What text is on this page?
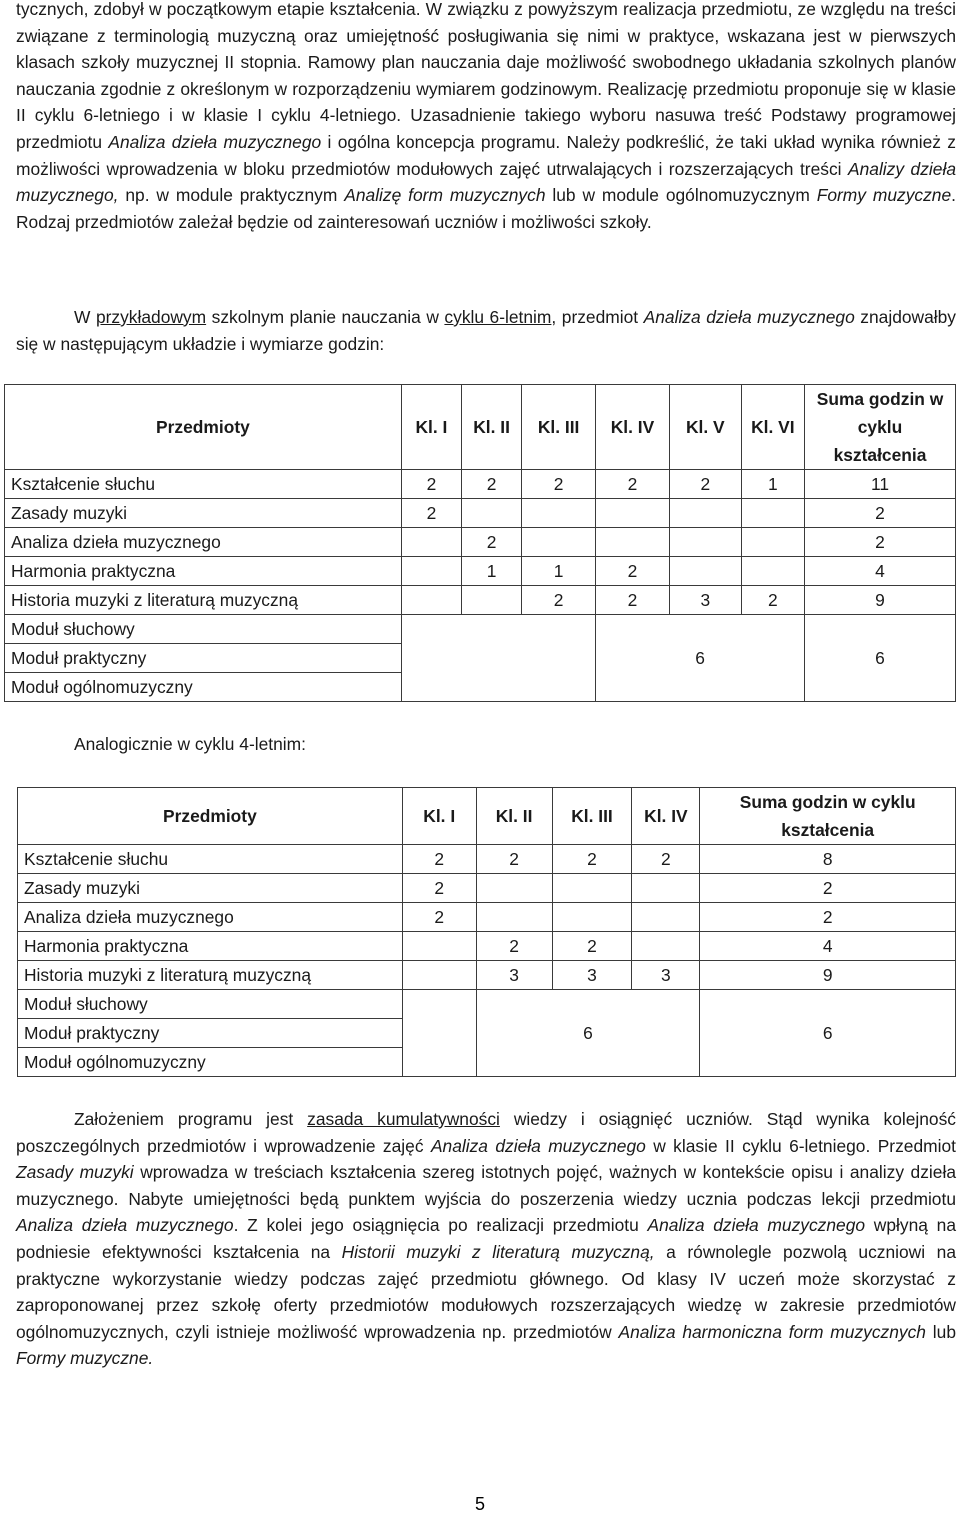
tycznych, zdobył w początkowym etapie kształcenia. W związku z powyższym realizacja przedmiotu, ze względu na treści związane z terminologią muzyczną oraz umiejętność posługiwania się nimi w praktyce, wskazana jest w pierwszych klasach szkoły muzycznej II stopnia. Ramowy plan nauczania daje możliwość swobodnego układania szkolnych planów nauczania zgodnie z określonym w rozporządzeniu wymiarem godzinowym. Realizację przedmiotu proponuje się w klasie II cyklu 6-letniego i w klasie I cyklu 4-letniego. Uzasadnienie takiego wyboru nasuwa treść Podstawy programowej przedmiotu Analiza dzieła muzycznego i ogólna koncepcja programu. Należy podkreślić, że taki układ wynika również z możliwości wprowadzenia w bloku przedmiotów modułowych zajęć utrwalających i rozszerzających treści Analizy dzieła muzycznego, np. w module praktycznym Analizę form muzycznych lub w module ogólnomuzycznym Formy muzyczne. Rodzaj przedmiotów zależał będzie od zainteresowań uczniów i możliwości szkoły.

W przykładowym szkolnym planie nauczania w cyklu 6-letnim, przedmiot Analiza dzieła muzycznego znajdowałby się w następującym układzie i wymiarze godzin:

Przedmioty	Kl. I	Kl. II	Kl. III	Kl. IV	Kl. V	Kl. VI	Suma godzin w cyklu kształcenia
Kształcenie słuchu	2	2	2	2	2	1	11
Zasady muzyki	2						2
Analiza dzieła muzycznego		2					2
Harmonia praktyczna		1	1	2			4
Historia muzyki z literaturą muzyczną			2	2	3	2	9
Moduł słuchowy				6			6
Moduł praktyczny							
Moduł ogólnomuzyczny							
Analogicznie w cyklu 4-letnim:
Przedmioty	Kl. I	Kl. II	Kl. III	Kl. IV	Suma godzin w cyklu kształcenia
Kształcenie słuchu	2	2	2	2	8
Zasady muzyki	2				2
Analiza dzieła muzycznego	2				2
Harmonia praktyczna		2	2		4
Historia muzyki z literaturą muzyczną		3	3	3	9
Moduł słuchowy		6			6
Moduł praktyczny					
Moduł ogólnomuzyczny					

Założeniem programu jest zasada kumulatywności wiedzy i osiągnięć uczniów. Stąd wynika kolejność poszczególnych przedmiotów i wprowadzenie zajęć Analiza dzieła muzycznego w klasie II cyklu 6-letniego. Przedmiot Zasady muzyki wprowadza w treściach kształcenia szereg istotnych pojęć, ważnych w kontekście opisu i analizy dzieła muzycznego. Nabyte umiejętności będą punktem wyjścia do poszerzenia wiedzy ucznia podczas lekcji przedmiotu Analiza dzieła muzycznego. Z kolei jego osiągnięcia po realizacji przedmiotu Analiza dzieła muzycznego wpłyną na podniesie efektywności kształcenia na Historii muzyki z literaturą muzyczną, a równolegle pozwolą uczniowi na praktyczne wykorzystanie wiedzy podczas zajęć przedmiotu głównego. Od klasy IV uczeń może skorzystać z zaproponowanej przez szkołę oferty przedmiotów modułowych rozszerzających wiedzę w zakresie przedmiotów ogólnomuzycznych, czyli istnieje możliwość wprowadzenia np. przedmiotów Analiza harmoniczna form muzycznych lub Formy muzyczne.

5
